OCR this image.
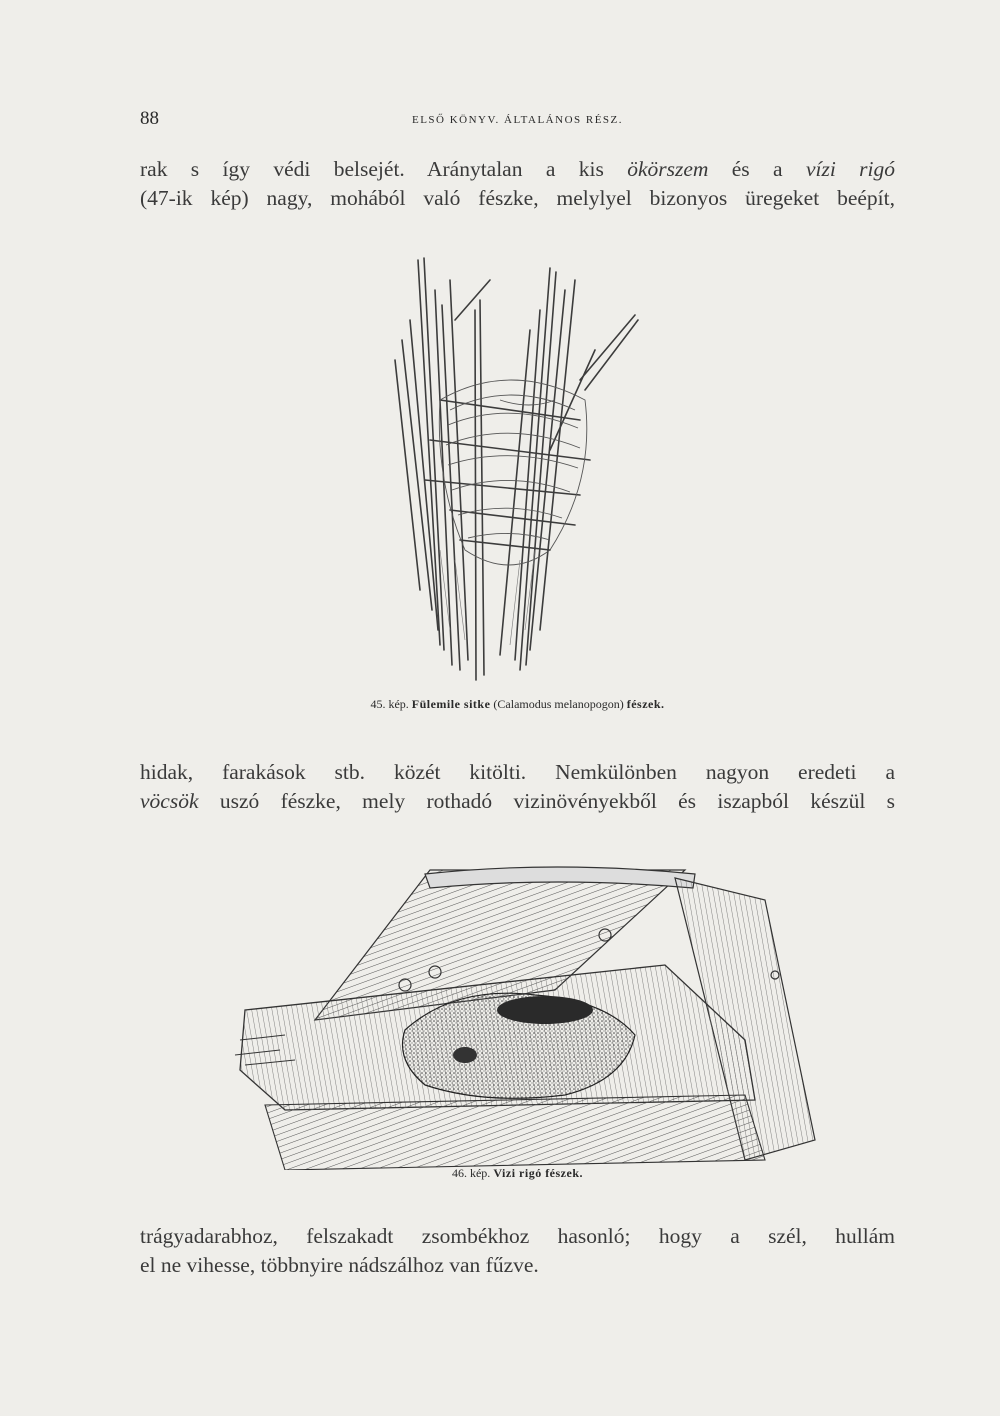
88	ELSŐ KÖNYV. ÁLTALÁNOS RÉSZ.
rak s így védi belsejét. Aránytalan a kis ökörszem és a vízi rigó
(47-ik kép) nagy, mohából való fészke, melylyel bizonyos üregeket beépít,
45. kép. Fülemile sitke (Calamodus melanopogon) fészek.
hidak, farakások stb. közét kitölti. Nemkülönben nagyon eredeti a
vöcsök uszó fészke, mely rothadó vizinövényekből és iszapból készül s
46. kép. Vizi rigó fészek.
trágyadarabhoz, felszakadt zsombékhoz hasonló; hogy a szél, hullám
el ne vihesse, többnyire nádszálhoz van fűzve.
